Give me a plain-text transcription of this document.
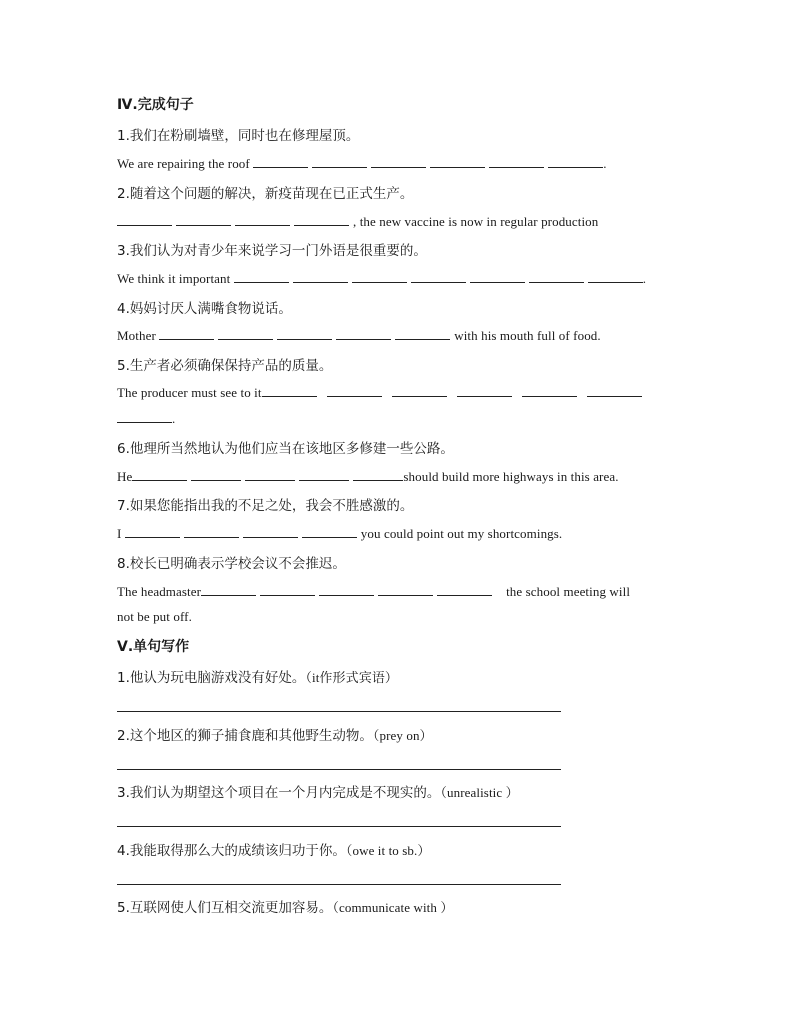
Ⅳ.完成句子
1.我们在粉刷墙壁，同时也在修理屋顶。
We are repairing the roof	.
2.随着这个问题的解决，新疫苗现在已正式生产。
, the new vaccine is now in regular production
3.我们认为对青少年来说学习一门外语是很重要的。
We think it important	.
4.妈妈讨厌人满嘴食物说话。
Mother	with his mouth full of food.
5.生产者必须确保保持产品的质量。
The producer must see to it
.
6.他理所当然地认为他们应当在该地区多修建一些公路。
He	should build more highways in this area.
7.如果您能指出我的不足之处，我会不胜感激的。
I	you could point out my shortcomings.
8.校长已明确表示学校会议不会推迟。
The headmaster	the school meeting will
not be put off.
Ⅴ.单句写作
1.他认为玩电脑游戏没有好处。（it作形式宾语）
2.这个地区的狮子捕食鹿和其他野生动物。（prey on）
3.我们认为期望这个项目在一个月内完成是不现实的。（unrealistic ）
4.我能取得那么大的成绩该归功于你。（owe it to sb.）
5.互联网使人们互相交流更加容易。（communicate with ）
